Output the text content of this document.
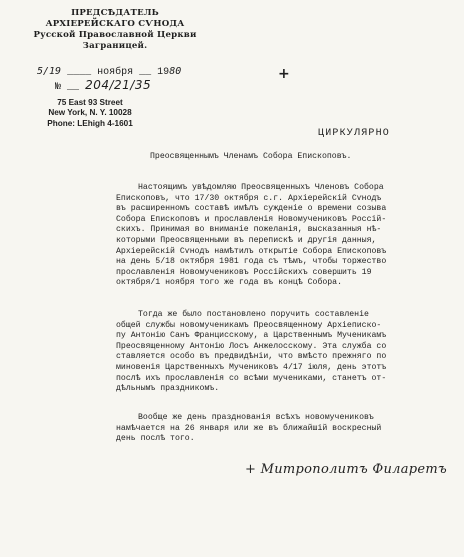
ПРЕДСѢДАТЕЛЬ
АРХІЕРЕЙСКАГО СѴНОДА
Русской Православной Церкви
Заграницей.
5/19 ____ ноября __ 1980
№ __ 204/21/35
+
75 East 93 Street
New York, N. Y. 10028
Phone: LEhigh 4-1601
ЦИРКУЛЯРНО
Преосвященнымъ Членамъ Собора Епископовъ.
Настоящимъ увѣдомляю Преосвященныхъ Членовъ Собора
Епископовъ, что 17/30 октября с.г. Архіерейскій Сѵнодъ
въ расширенномъ составѣ имѣлъ сужденіе о времени созыва
Собора Епископовъ и прославленія Новомучениковъ Россій-
скихъ. Принимая во вниманіе пожеланія, высказанныя нѣ-
которыми Преосвященными въ перепискѣ и другія данныя,
Архіерейскій Сѵнодъ намѣтилъ открытіе Собора Епископовъ
на день 5/18 октября 1981 года съ тѣмъ, чтобы торжество
прославленія Новомучениковъ Россійскихъ совершить 19
октября/1 ноября того же года въ концѣ Собора.
Тогда же было постановлено поручить составленіе
общей службы новомученикамъ Преосвященному Архіеписко-
пу Антонію Санъ Францисскому, а Царственнымъ Мученикамъ
Преосвященному Антонію Лосъ Анжелосскому. Эта служба со
ставляется особо въ предвидѣніи, что вмѣсто прежняго по
миновенія Царственныхъ Мучениковъ 4/17 іюля, день этотъ
послѣ ихъ прославленія со всѣми мучениками, станетъ от-
дѣльнымъ праздникомъ.
Вообще же день празднованія всѣхъ новомучениковъ
намѣчается на 26 января или же въ ближайшій воскресный
день послѣ того.
+ Митрополитъ Филаретъ
